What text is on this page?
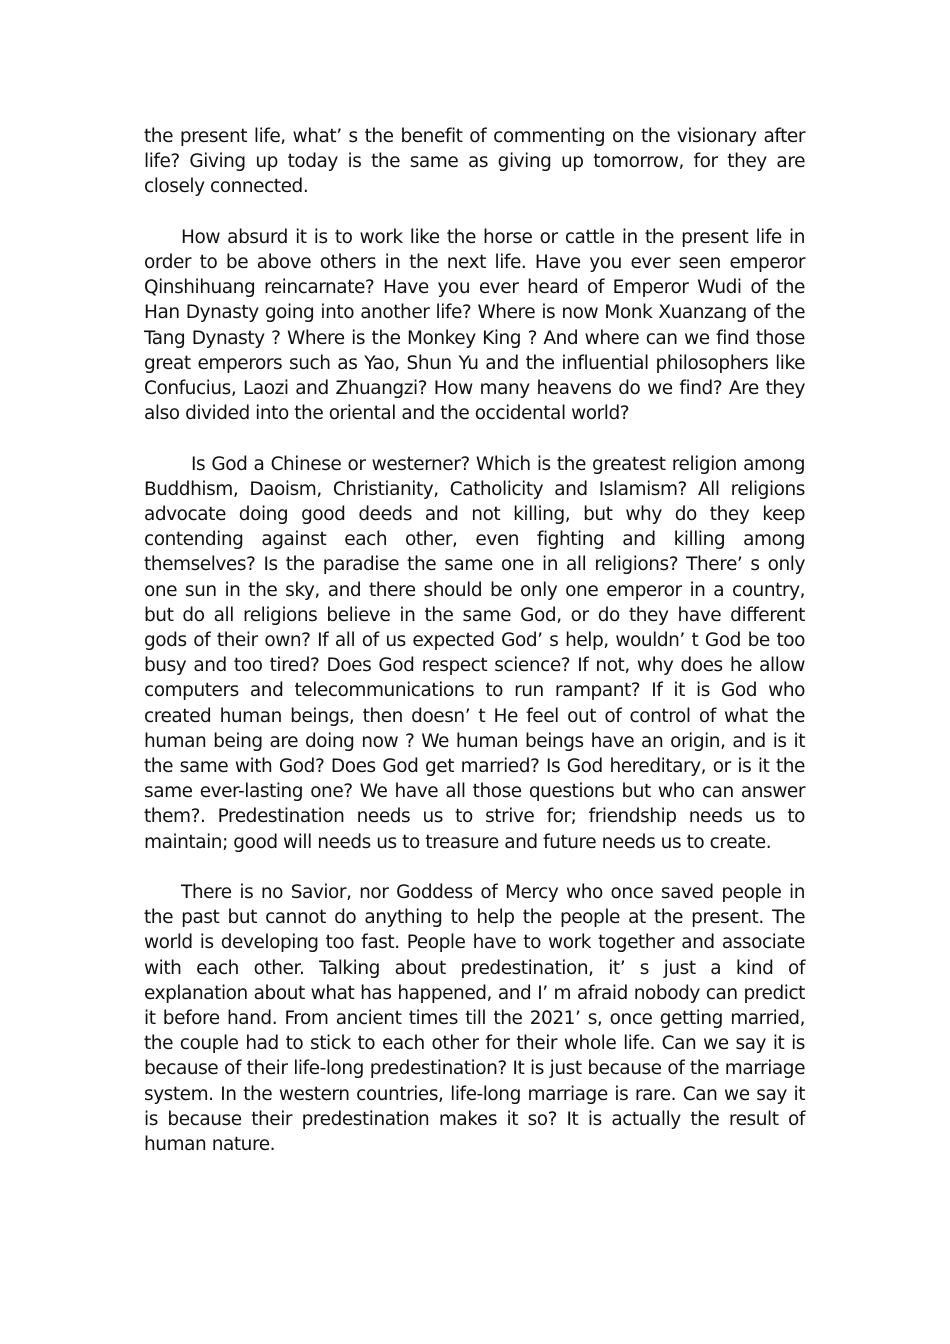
the present life, what’ s the benefit of commenting on the visionary after life? Giving up today is the same as giving up tomorrow, for they are closely connected.

How absurd it is to work like the horse or cattle in the present life in order to be above others in the next life. Have you ever seen emperor Qinshihuang reincarnate? Have you ever heard of Emperor Wudi of the Han Dynasty going into another life? Where is now Monk Xuanzang of the Tang Dynasty ? Where is the Monkey King ? And where can we find those great emperors such as Yao, Shun Yu and the influential philosophers like Confucius, Laozi and Zhuangzi? How many heavens do we find? Are they also divided into the oriental and the occidental world?

Is God a Chinese or westerner? Which is the greatest religion among Buddhism, Daoism, Christianity, Catholicity and Islamism? All religions advocate doing good deeds and not killing, but why do they keep contending against each other, even fighting and killing among themselves? Is the paradise the same one in all religions? There’ s only one sun in the sky, and there should be only one emperor in a country, but do all religions believe in the same God, or do they have different gods of their own? If all of us expected God’ s help, wouldn’ t God be too busy and too tired? Does God respect science? If not, why does he allow computers and telecommunications to run rampant? If it is God who created human beings, then doesn’ t He feel out of control of what the human being are doing now ? We human beings have an origin, and is it the same with God? Does God get married? Is God hereditary, or is it the same ever-lasting one? We have all those questions but who can answer them?. Predestination needs us to strive for; friendship needs us to maintain; good will needs us to treasure and future needs us to create.

There is no Savior, nor Goddess of Mercy who once saved people in the past but cannot do anything to help the people at the present. The world is developing too fast. People have to work together and associate with each other. Talking about predestination, it’ s just a kind of explanation about what has happened, and I’ m afraid nobody can predict it before hand. From ancient times till the 2021’ s, once getting married, the couple had to stick to each other for their whole life. Can we say it is because of their life-long predestination? It is just because of the marriage system. In the western countries, life-long marriage is rare. Can we say it is because their predestination makes it so? It is actually the result of human nature.
